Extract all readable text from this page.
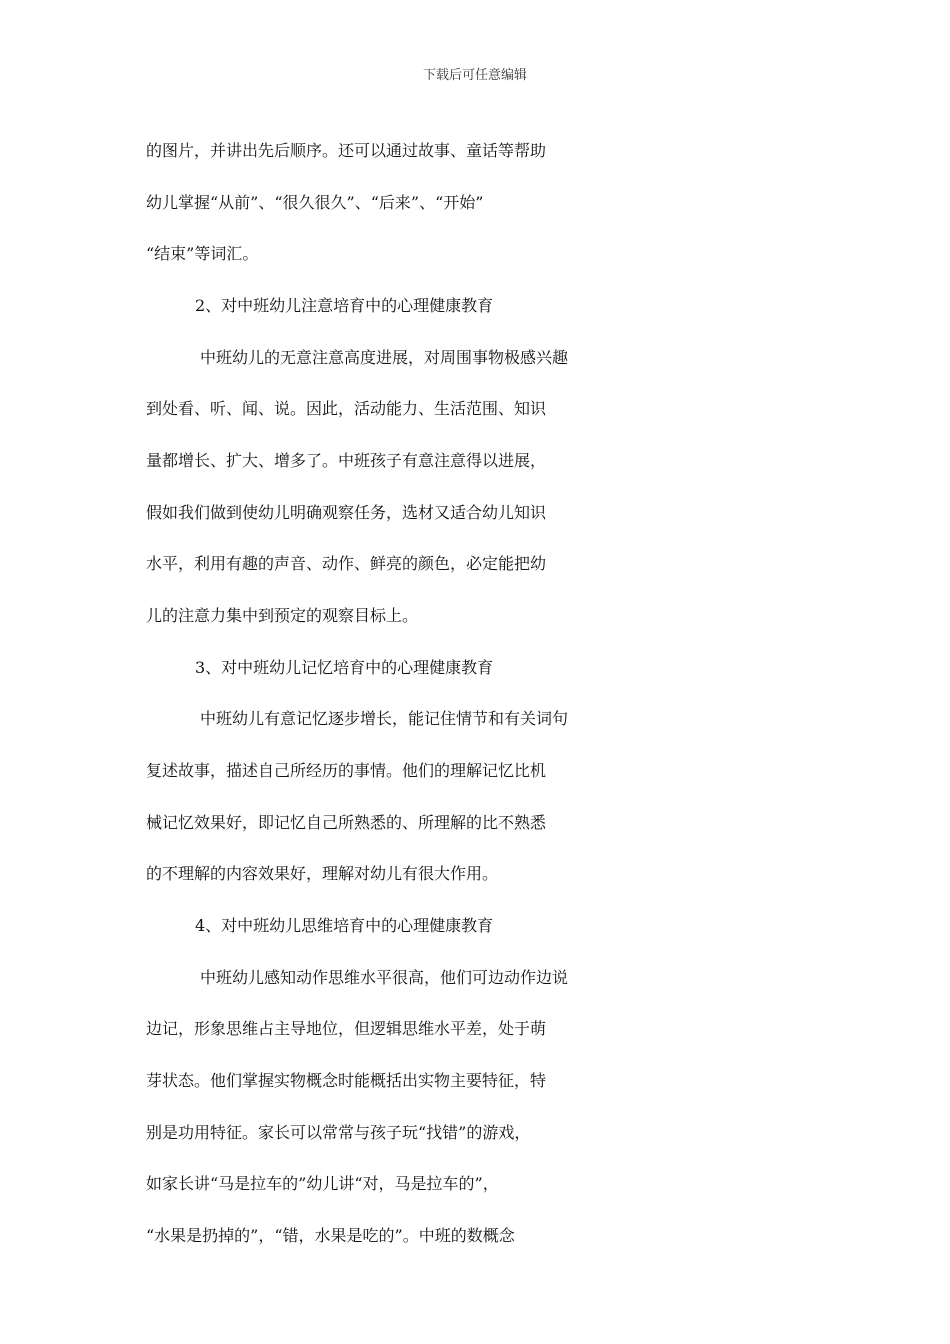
下载后可任意编辑
的图片，并讲出先后顺序。还可以通过故事、童话等帮助
幼儿掌握“从前”、“很久很久”、“后来”、“开始”
“结束”等词汇。
2、对中班幼儿注意培育中的心理健康教育
中班幼儿的无意注意高度进展，对周围事物极感兴趣
到处看、听、闻、说。因此，活动能力、生活范围、知识
量都增长、扩大、增多了。中班孩子有意注意得以进展，
假如我们做到使幼儿明确观察任务，选材又适合幼儿知识
水平，利用有趣的声音、动作、鲜亮的颜色，必定能把幼
儿的注意力集中到预定的观察目标上。
3、对中班幼儿记忆培育中的心理健康教育
中班幼儿有意记忆逐步增长，能记住情节和有关词句
复述故事，描述自己所经历的事情。他们的理解记忆比机
械记忆效果好，即记忆自己所熟悉的、所理解的比不熟悉
的不理解的内容效果好，理解对幼儿有很大作用。
4、对中班幼儿思维培育中的心理健康教育
中班幼儿感知动作思维水平很高，他们可边动作边说
边记，形象思维占主导地位，但逻辑思维水平差，处于萌
芽状态。他们掌握实物概念时能概括出实物主要特征，特
别是功用特征。家长可以常常与孩子玩“找错”的游戏，
如家长讲“马是拉车的”幼儿讲“对，马是拉车的”，
“水果是扔掉的”，“错，水果是吃的”。中班的数概念
